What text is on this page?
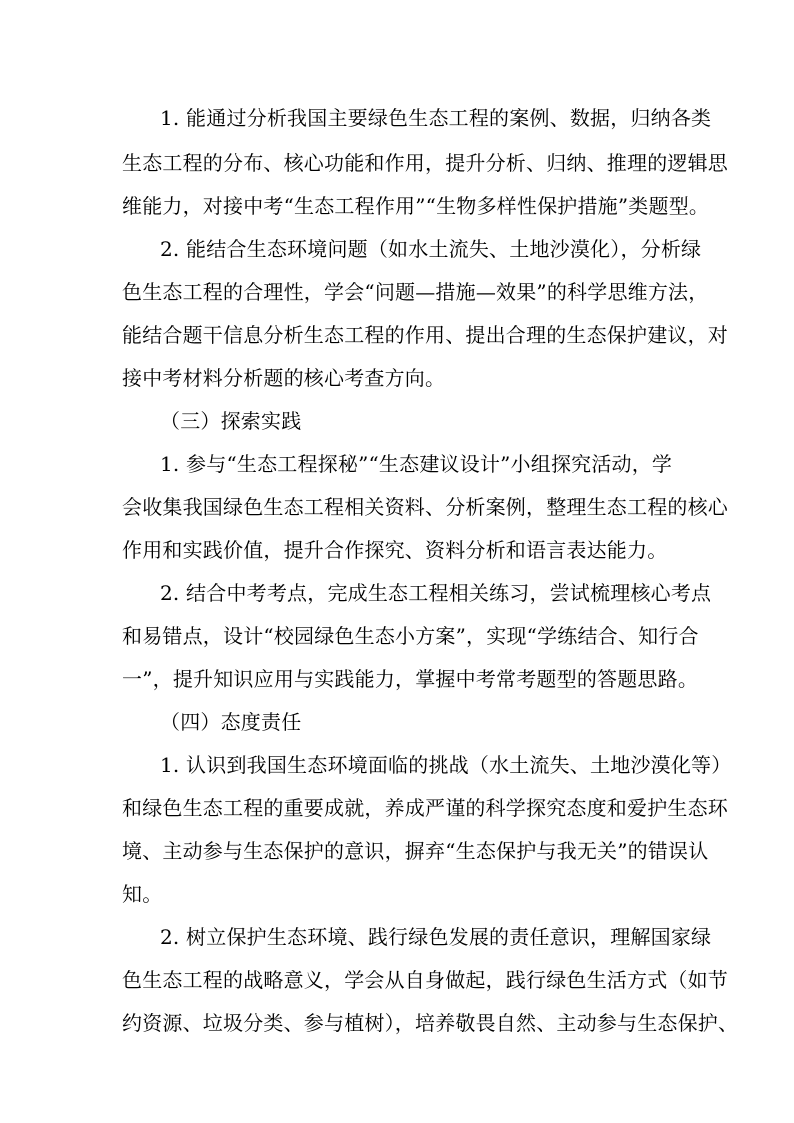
1. 能通过分析我国主要绿色生态工程的案例、数据，归纳各类
生态工程的分布、核心功能和作用，提升分析、归纳、推理的逻辑思
维能力，对接中考“生态工程作用”“生物多样性保护措施”类题型。
2. 能结合生态环境问题（如水土流失、土地沙漠化），分析绿
色生态工程的合理性，学会“问题—措施—效果”的科学思维方法，
能结合题干信息分析生态工程的作用、提出合理的生态保护建议，对
接中考材料分析题的核心考查方向。
（三）探索实践
1. 参与“生态工程探秘”“生态建议设计”小组探究活动，学
会收集我国绿色生态工程相关资料、分析案例，整理生态工程的核心
作用和实践价值，提升合作探究、资料分析和语言表达能力。
2. 结合中考考点，完成生态工程相关练习，尝试梳理核心考点
和易错点，设计“校园绿色生态小方案”，实现“学练结合、知行合
一”，提升知识应用与实践能力，掌握中考常考题型的答题思路。
（四）态度责任
1. 认识到我国生态环境面临的挑战（水土流失、土地沙漠化等）
和绿色生态工程的重要成就，养成严谨的科学探究态度和爱护生态环
境、主动参与生态保护的意识，摒弃“生态保护与我无关”的错误认
知。
2. 树立保护生态环境、践行绿色发展的责任意识，理解国家绿
色生态工程的战略意义，学会从自身做起，践行绿色生活方式（如节
约资源、垃圾分类、参与植树），培养敬畏自然、主动参与生态保护、
